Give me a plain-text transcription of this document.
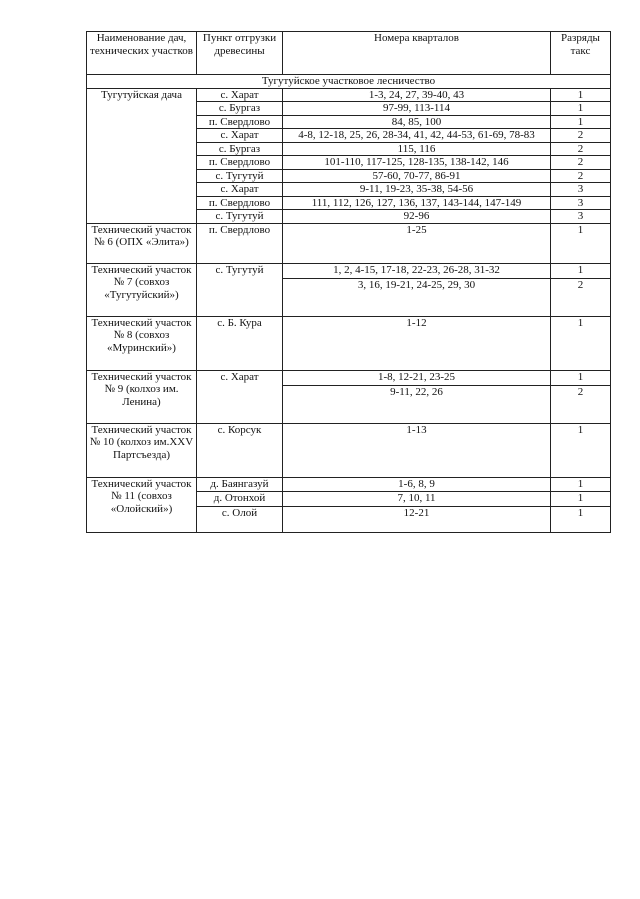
Наименование дач, технических участков	Пункт отгрузки древесины	Номера кварталов	Разряды такс
Тугутуйское участковое лесничество			
Тугутуйская дача	с. Харат	1-3, 24, 27, 39-40, 43	1
	с. Бургаз	97-99, 113-114	1
	п. Свердлово	84, 85, 100	1
	с. Харат	4-8, 12-18, 25, 26, 28-34, 41, 42, 44-53, 61-69, 78-83	2
	с. Бургаз	115, 116	2
	п. Свердлово	101-110, 117-125, 128-135, 138-142, 146	2
	с. Тугутуй	57-60, 70-77, 86-91	2
	с. Харат	9-11, 19-23, 35-38, 54-56	3
	п. Свердлово	111, 112, 126, 127, 136, 137, 143-144, 147-149	3
	с. Тугутуй	92-96	3
Технический участок № 6 (ОПХ «Элита»)	п. Свердлово	1-25	1
Технический участок № 7 (совхоз «Тугутуйский»)	с. Тугутуй	1, 2, 4-15, 17-18, 22-23, 26-28, 31-32	1
		3, 16, 19-21, 24-25, 29, 30	2
Технический участок № 8 (совхоз «Муринский»)	с. Б. Кура	1-12	1
Технический участок № 9 (колхоз им. Ленина)	с. Харат	1-8, 12-21, 23-25	1
		9-11, 22, 26	2
Технический участок № 10 (колхоз им.XXV Партсъезда)	с. Корсук	1-13	1
Технический участок № 11 (совхоз «Олойский»)	д. Баянгазуй	1-6, 8, 9	1
	д. Отонхой	7, 10, 11	1
	с. Олой	12-21	1
